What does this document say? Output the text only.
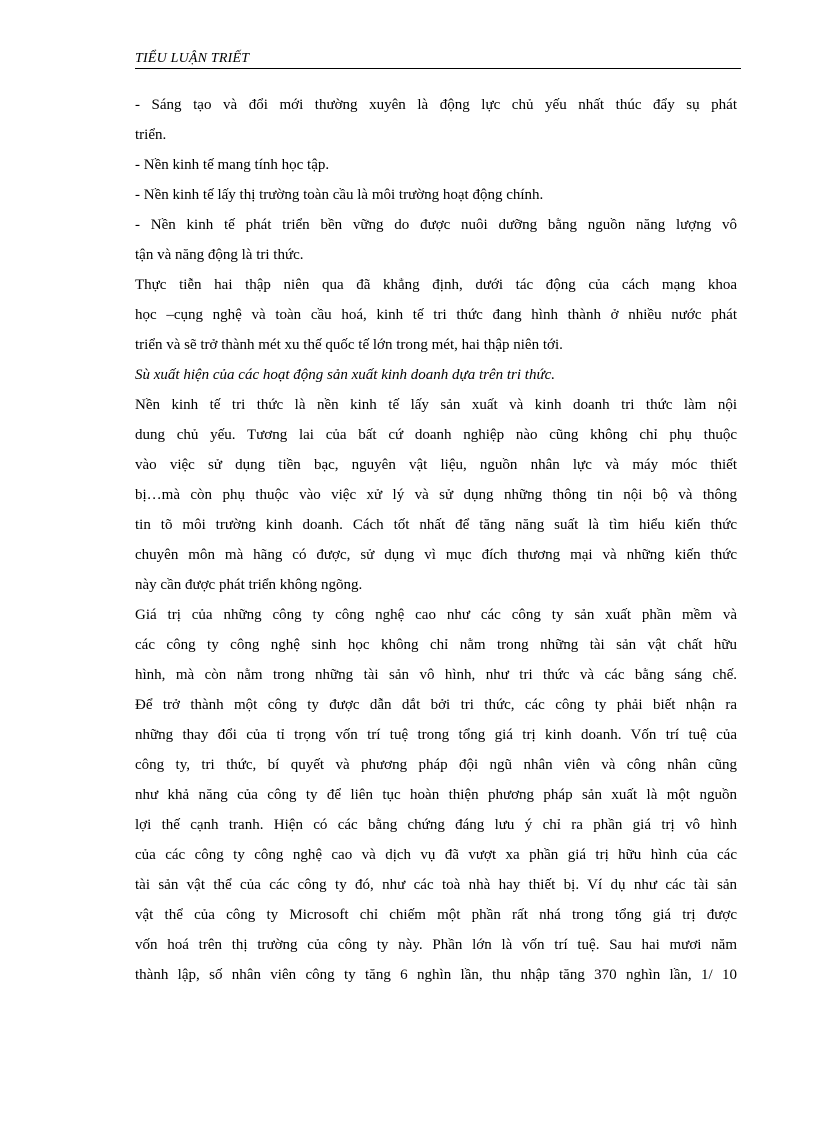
TIỂU LUẬN TRIẾT
- Sáng tạo và đổi mới thường xuyên là động lực chủ yếu nhất thúc đẩy sụ phát
triển.
- Nền kinh tế mang tính học tập.
- Nền kinh tế lấy thị trường toàn cầu là môi trường hoạt động chính.
- Nền kinh tế phát triển bền vững do được nuôi dưỡng bằng nguồn năng lượng vô
tận và năng động là tri thức.
Thực tiễn hai thập niên qua đã khẳng định, dưới tác động của cách mạng khoa
học –cụng nghệ và toàn cầu hoá, kinh tế tri thức đang hình thành ở nhiều nước phát
triển và sẽ trở thành mét xu thế quốc tế lớn trong mét, hai thập niên tới.
Sù xuất hiện của các hoạt động sản xuất kinh doanh dựa trên tri thức.
Nền kinh tế tri thức là nền kinh tế lấy sản xuất và kinh doanh tri thức làm nội
dung chủ yếu. Tương lai của bất cứ doanh nghiệp nào cũng không chỉ phụ thuộc
vào việc sử dụng tiền bạc, nguyên vật liệu, nguồn nhân lực và máy móc thiết
bị…mà còn phụ thuộc vào việc xử lý và sử dụng những thông tin nội bộ và thông
tin tõ môi trường kinh doanh. Cách tốt nhất để tăng năng suất là tìm hiểu kiến thức
chuyên môn mà hãng có được, sử dụng vì mục đích thương mại và những kiến thức
này cần được phát triển không ngõng.
Giá trị của những công ty công nghệ cao như các công ty sản xuất phần mềm và
các công ty công nghệ sinh học không chỉ nằm trong những tài sản vật chất hữu
hình, mà còn nằm trong những tài sản vô hình, như tri thức và các bằng sáng chế.
Để trở thành một công ty được dẫn dắt bởi tri thức, các công ty phải biết nhận ra
những thay đổi của tỉ trọng vốn trí tuệ trong tổng giá trị kinh doanh. Vốn trí tuệ của
công ty, tri thức, bí quyết và phương pháp đội ngũ nhân viên và công nhân cũng
như khả năng của công ty để liên tục hoàn thiện phương pháp sản xuất là một nguồn
lợi thế cạnh tranh. Hiện có các bằng chứng đáng lưu ý chỉ ra phần giá trị vô hình
của các công ty công nghệ cao và dịch vụ đã vượt xa phần giá trị hữu hình của các
tài sản vật thể của các công ty đó, như các toà nhà hay thiết bị. Ví dụ như các tài sản
vật thể của công ty Microsoft chỉ chiếm một phần rất nhá trong tổng giá trị được
vốn hoá trên thị trường của công ty này. Phần lớn là vốn trí tuệ. Sau hai mươi năm
thành lập, số nhân viên công ty tăng 6 nghìn lần, thu nhập tăng 370 nghìn lần, 1/ 10
